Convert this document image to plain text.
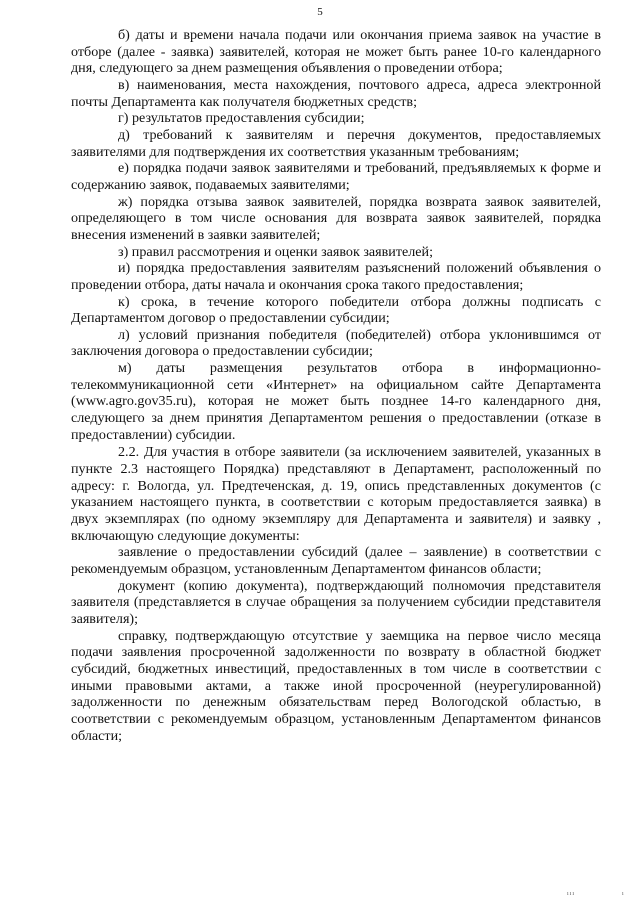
5

б) даты и времени начала подачи или окончания приема заявок на участие в отборе (далее - заявка) заявителей, которая не может быть ранее 10-го календарного дня, следующего за днем размещения объявления о проведении отбора;

в) наименования, места нахождения, почтового адреса, адреса электронной почты Департамента как получателя бюджетных средств;

г) результатов предоставления субсидии;

д) требований к заявителям и перечня документов, предоставляемых заявителями для подтверждения их соответствия указанным требованиям;

е) порядка подачи заявок заявителями и требований, предъявляемых к форме и содержанию заявок, подаваемых заявителями;

ж) порядка отзыва заявок заявителей, порядка возврата заявок заявителей, определяющего в том числе основания для возврата заявок заявителей, порядка внесения изменений в заявки заявителей;

з) правил рассмотрения и оценки заявок заявителей;

и) порядка предоставления заявителям разъяснений положений объявления о проведении отбора, даты начала и окончания срока такого предоставления;

к) срока, в течение которого победители отбора должны подписать с Департаментом договор о предоставлении субсидии;

л) условий признания победителя (победителей) отбора уклонившимся от заключения договора о предоставлении субсидии;

м) даты размещения результатов отбора в информационно-телекоммуникационной сети «Интернет» на официальном сайте Департамента (www.agro.gov35.ru), которая не может быть позднее 14-го календарного дня, следующего за днем принятия Департаментом решения о предоставлении (отказе в предоставлении) субсидии.

2.2. Для участия в отборе заявители (за исключением заявителей, указанных в пункте 2.3 настоящего Порядка) представляют в Департамент, расположенный по адресу: г. Вологда, ул. Предтеченская, д. 19, опись представленных документов (с указанием настоящего пункта, в соответствии с которым предоставляется заявка) в двух экземплярах (по одному экземпляру для Департамента и заявителя) и заявку , включающую следующие документы:

заявление о предоставлении субсидий (далее – заявление) в соответствии с рекомендуемым образцом, установленным Департаментом финансов области;

документ (копию документа), подтверждающий полномочия представителя заявителя (представляется в случае обращения за получением субсидии представителя заявителя);

справку, подтверждающую отсутствие у заемщика на первое число месяца подачи заявления просроченной задолженности по возврату в областной бюджет субсидий, бюджетных инвестиций, предоставленных в том числе в соответствии с иными правовыми актами, а также иной просроченной (неурегулированной) задолженности по денежным обязательствам перед Вологодской областью, в соответствии с рекомендуемым образцом, установленным Департаментом финансов области;

ııı	ı
